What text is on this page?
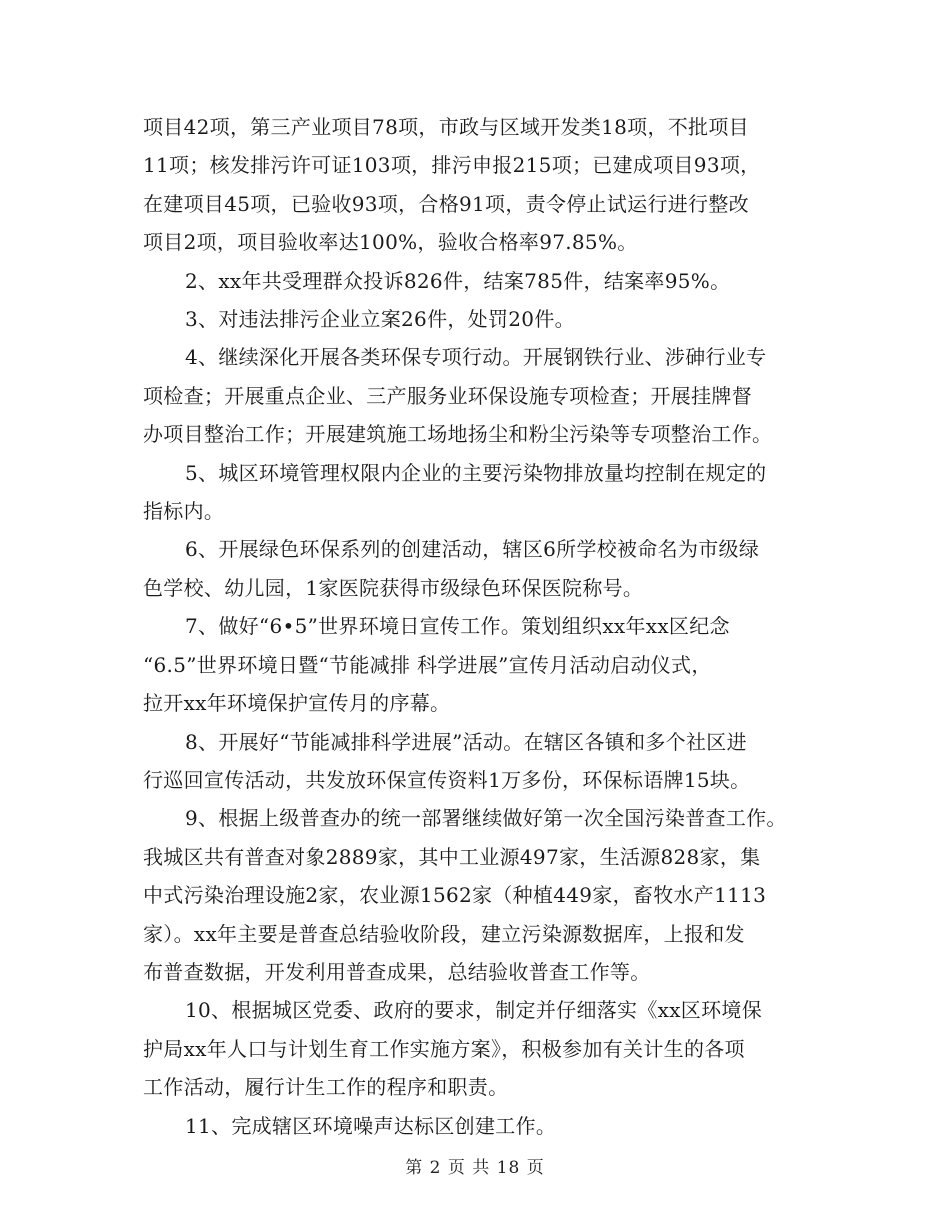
项目42项，第三产业项目78项，市政与区域开发类18项，不批项目
11项；核发排污许可证103项，排污申报215项；已建成项目93项，
在建项目45项，已验收93项，合格91项，责令停止试运行进行整改
项目2项，项目验收率达100%，验收合格率97.85%。

2、xx年共受理群众投诉826件，结案785件，结案率95%。

3、对违法排污企业立案26件，处罚20件。

4、继续深化开展各类环保专项行动。开展钢铁行业、涉砷行业专
项检查；开展重点企业、三产服务业环保设施专项检查；开展挂牌督
办项目整治工作；开展建筑施工场地扬尘和粉尘污染等专项整治工作。

5、城区环境管理权限内企业的主要污染物排放量均控制在规定的
指标内。

6、开展绿色环保系列的创建活动，辖区6所学校被命名为市级绿
色学校、幼儿园，1家医院获得市级绿色环保医院称号。

7、做好“6•5”世界环境日宣传工作。策划组织xx年xx区纪念
“6.5”世界环境日暨“节能减排 科学进展”宣传月活动启动仪式，
拉开xx年环境保护宣传月的序幕。

8、开展好“节能减排科学进展”活动。在辖区各镇和多个社区进
行巡回宣传活动，共发放环保宣传资料1万多份，环保标语牌15块。

9、根据上级普查办的统一部署继续做好第一次全国污染普查工作。
我城区共有普查对象2889家，其中工业源497家，生活源828家，集
中式污染治理设施2家，农业源1562家（种植449家，畜牧水产1113
家）。xx年主要是普查总结验收阶段，建立污染源数据库，上报和发
布普查数据，开发利用普查成果，总结验收普查工作等。

10、根据城区党委、政府的要求，制定并仔细落实《xx区环境保
护局xx年人口与计划生育工作实施方案》，积极参加有关计生的各项
工作活动，履行计生工作的程序和职责。

11、完成辖区环境噪声达标区创建工作。

第 2 页 共 18 页
